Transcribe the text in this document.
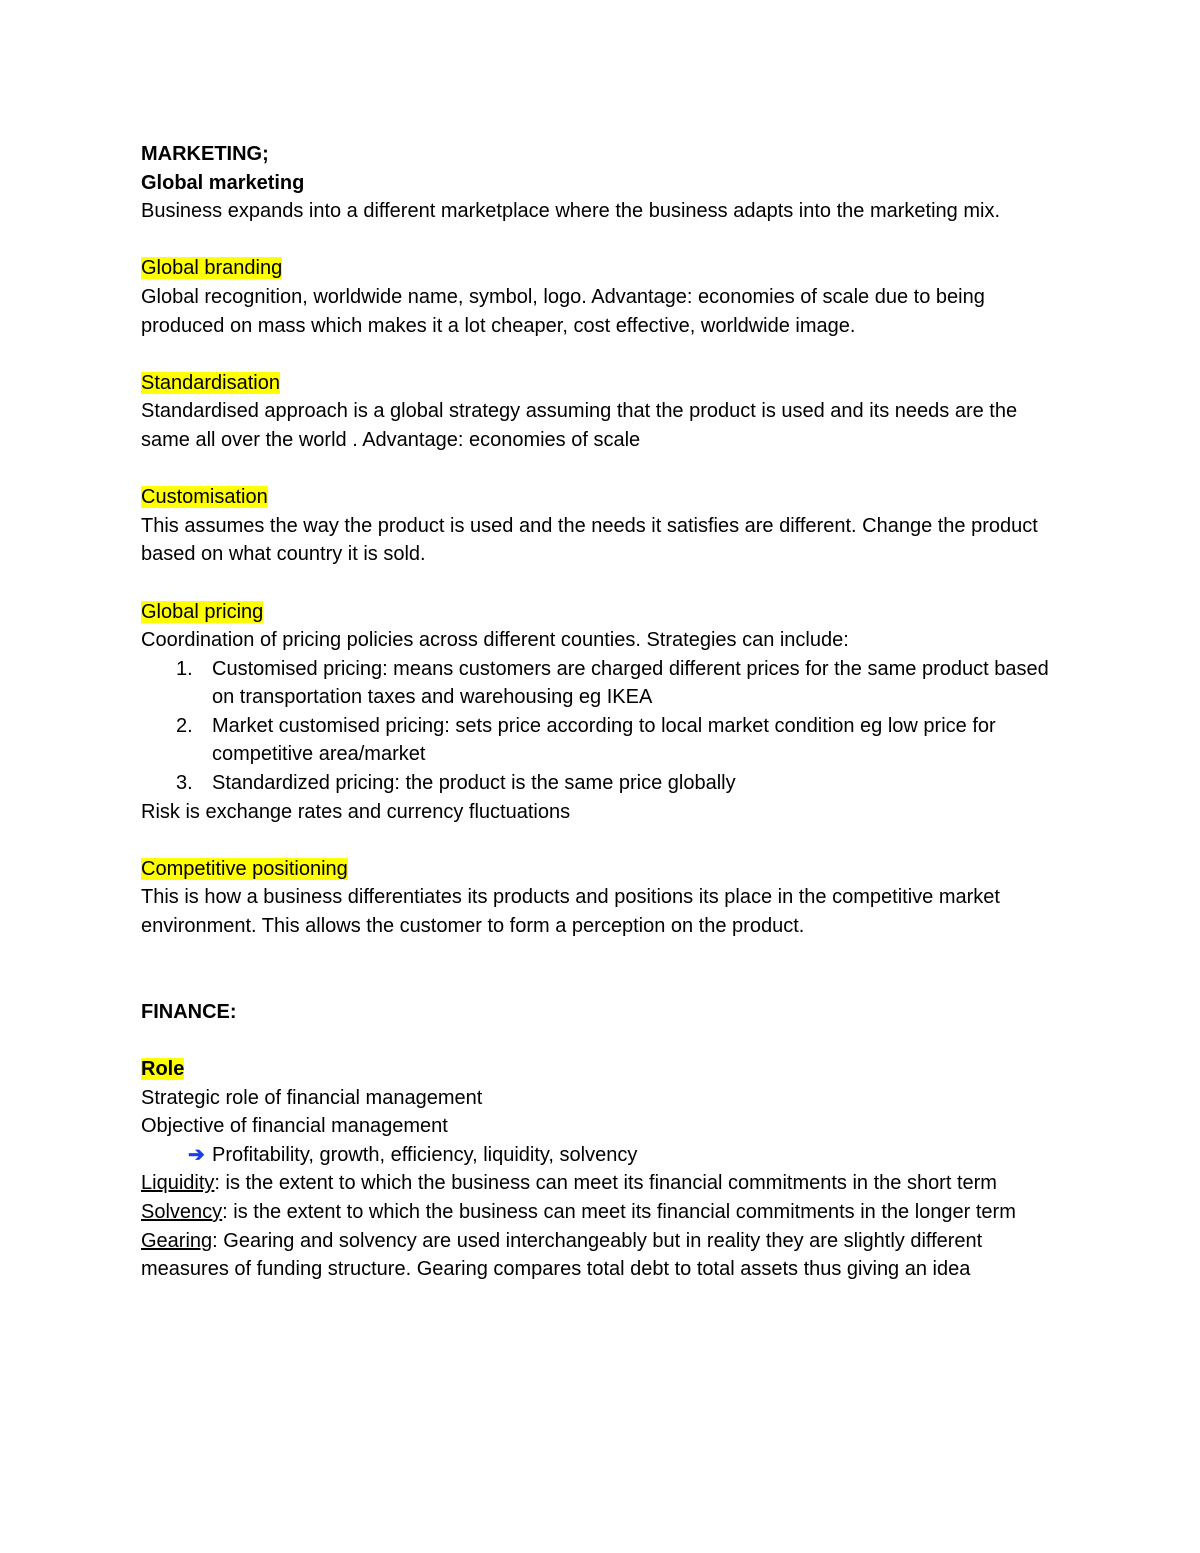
MARKETING;

Global marketing

Business expands into a different marketplace where the business adapts into the marketing mix.

Global branding

Global recognition, worldwide name, symbol, logo. Advantage: economies of scale due to being produced on mass which makes it a lot cheaper, cost effective, worldwide image.

Standardisation

Standardised approach is a global strategy assuming that the product is used and its needs are the same all over the world . Advantage: economies of scale

Customisation

This assumes the way the product is used and the needs it satisfies are different. Change the product based on what country it is sold.

Global pricing

Coordination of pricing policies across different counties. Strategies can include:

1. Customised pricing: means customers are charged different prices for the same product based on transportation taxes and warehousing eg IKEA
2. Market customised pricing: sets price according to local market condition eg low price for competitive area/market
3. Standardized pricing: the product is the same price globally

Risk is exchange rates and currency fluctuations

Competitive positioning

This is how a business differentiates its products and positions its place in the competitive market environment. This allows the customer to form a perception on the product.

FINANCE:

Role

Strategic role of financial management

Objective of financial management

➔ Profitability, growth, efficiency, liquidity, solvency

Liquidity: is the extent to which the business can meet its financial commitments in the short term

Solvency: is the extent to which the business can meet its financial commitments in the longer term

Gearing: Gearing and solvency are used interchangeably but in reality they are slightly different measures of funding structure. Gearing compares total debt to total assets thus giving an idea
